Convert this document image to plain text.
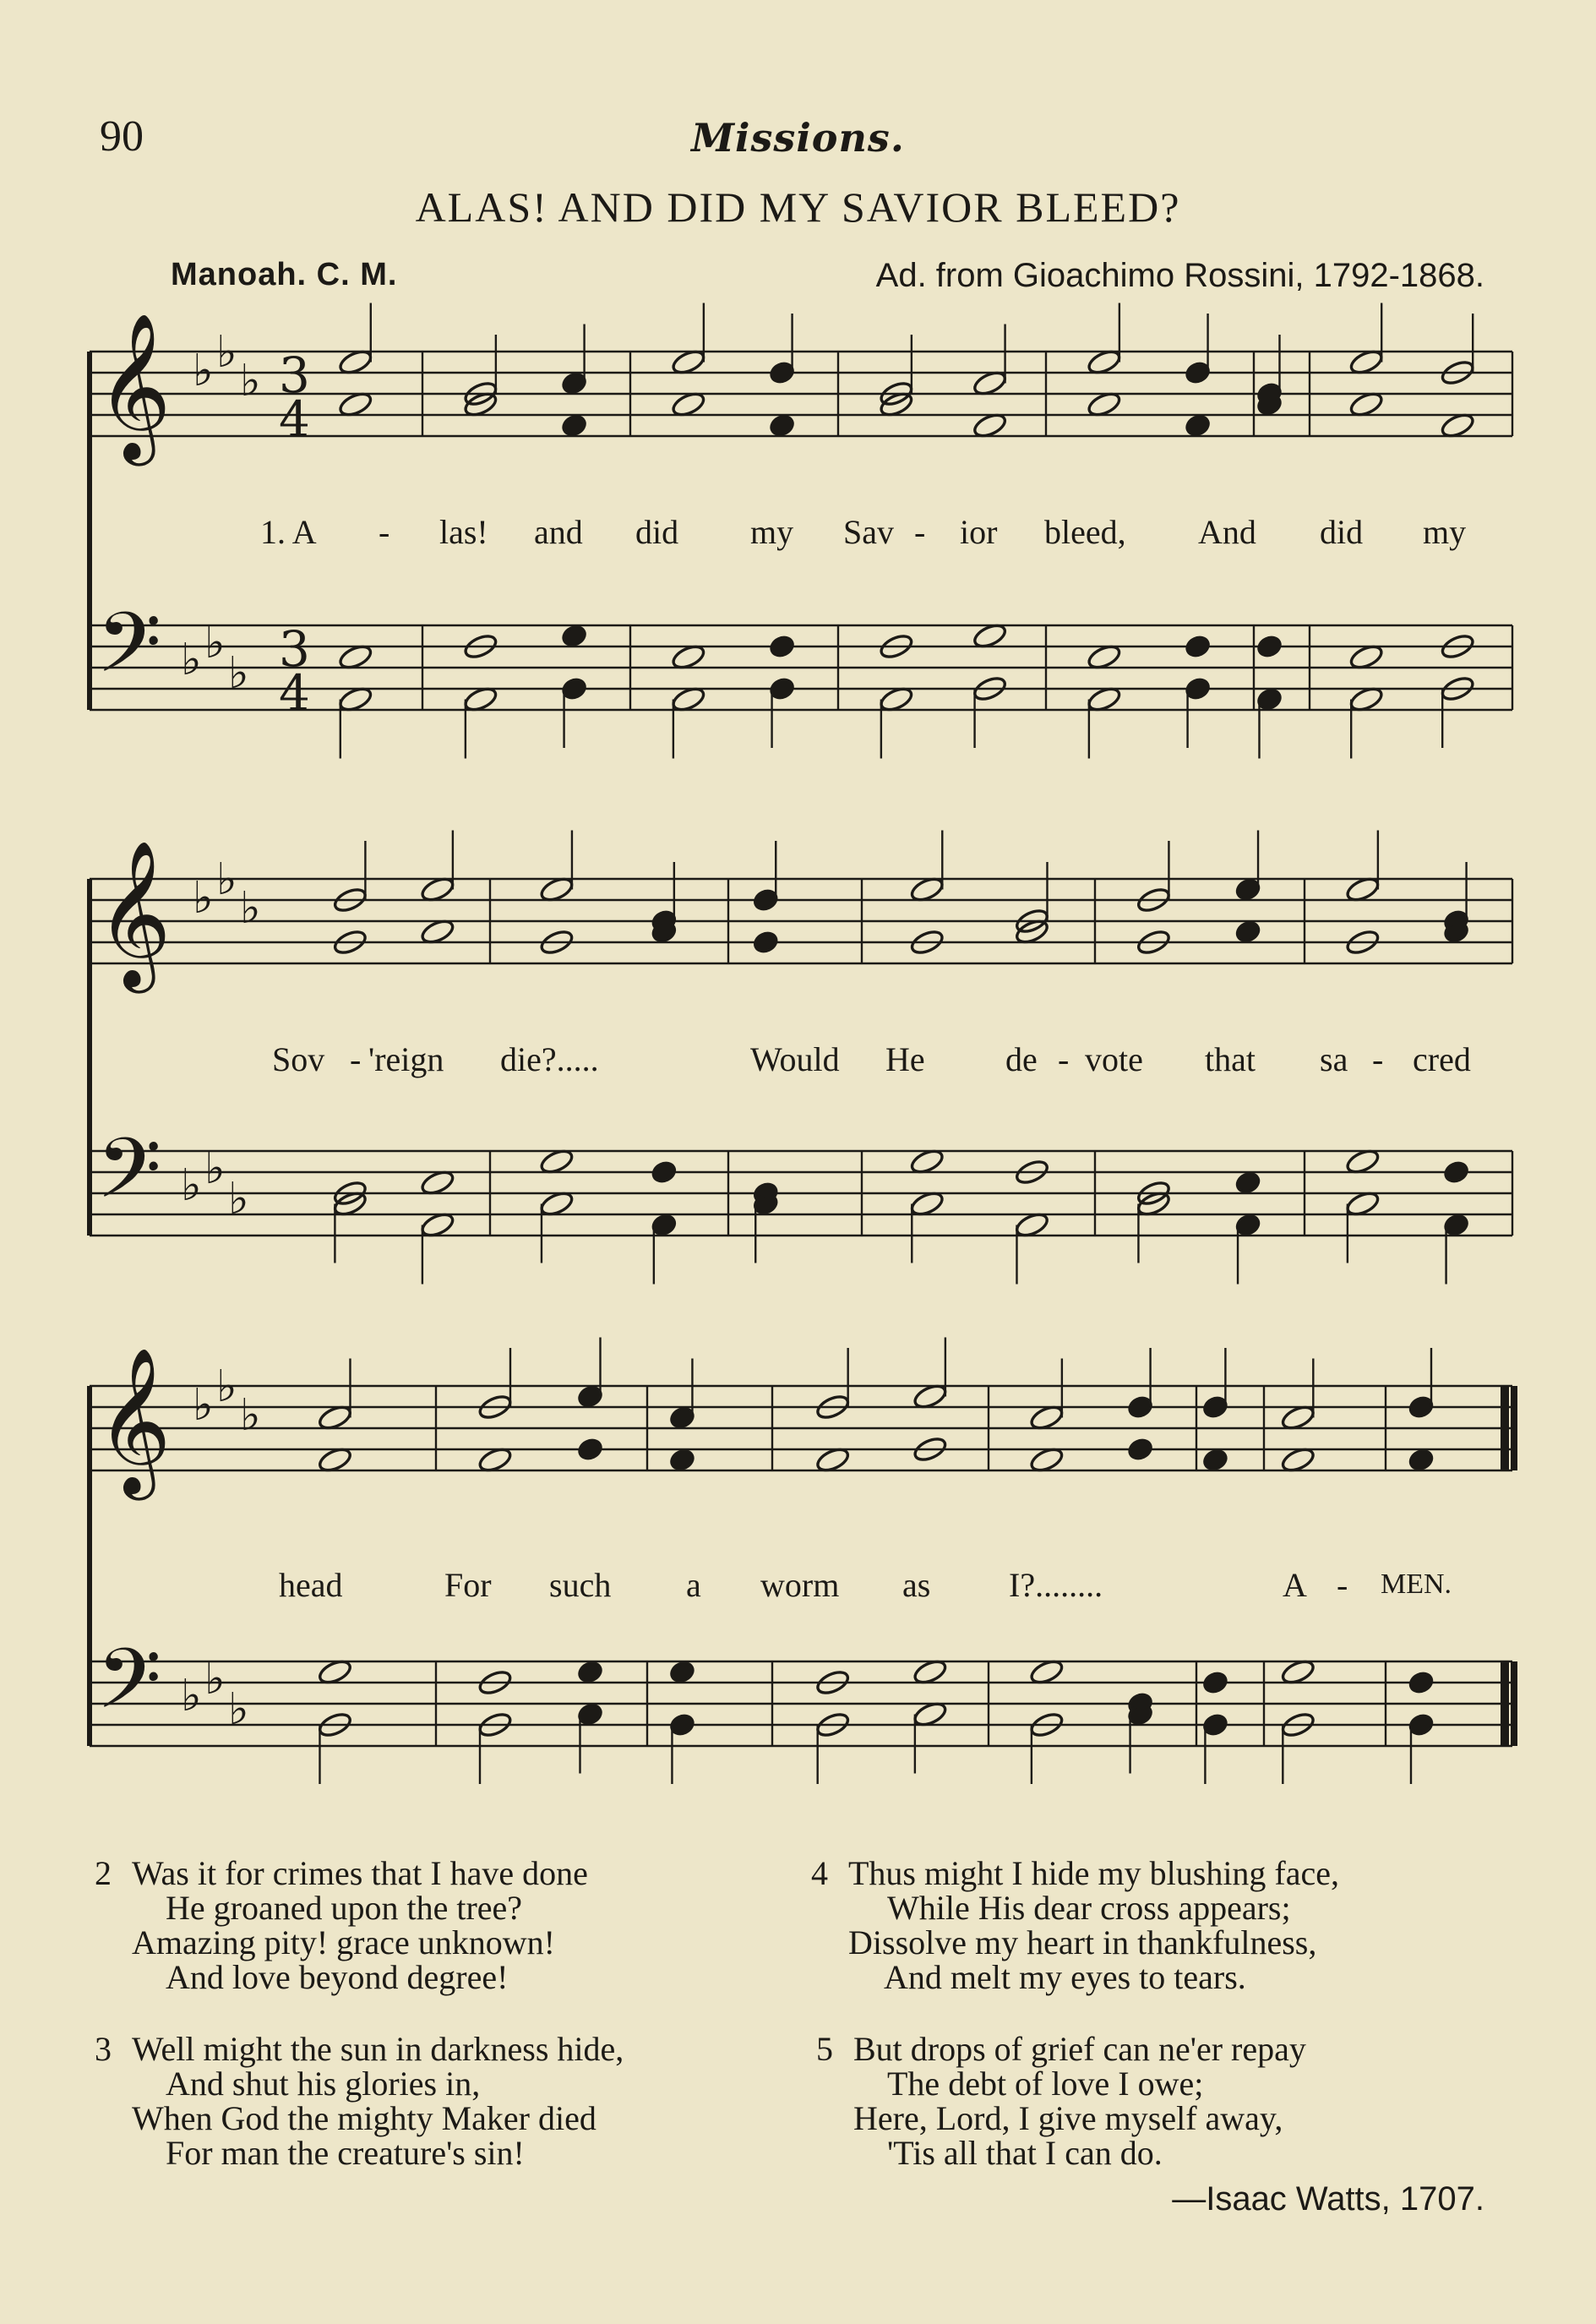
90	Missions.
ALAS! AND DID MY SAVIOR BLEED?
Manoah. C. M.	Ad. from Gioachimo Rossini, 1792-1868.
𝄞 ♭ ♭
♭ 3
4
𝄢 ♭ ♭
♭ 3
4
𝄞 ♭ ♭
♭
𝄢 ♭ ♭
♭
𝄞 ♭ ♭
♭
𝄢 ♭ ♭
♭
1. A - las! and did my Sav - ior bleed, And did my
Sov - 'reign die?.....	Would He de - vote that sa - cred
head	For such a worm as I?........	A - MEN.
2 Was it for crimes that I have done
He groaned upon the tree?
Amazing pity! grace unknown!
And love beyond degree!
4 Thus might I hide my blushing face,
While His dear cross appears;
Dissolve my heart in thankfulness,
And melt my eyes to tears.
3 Well might the sun in darkness hide,
And shut his glories in,
When God the mighty Maker died
For man the creature's sin!
5 But drops of grief can ne'er repay
The debt of love I owe;
Here, Lord, I give myself away,
'Tis all that I can do.
—Isaac Watts, 1707.
